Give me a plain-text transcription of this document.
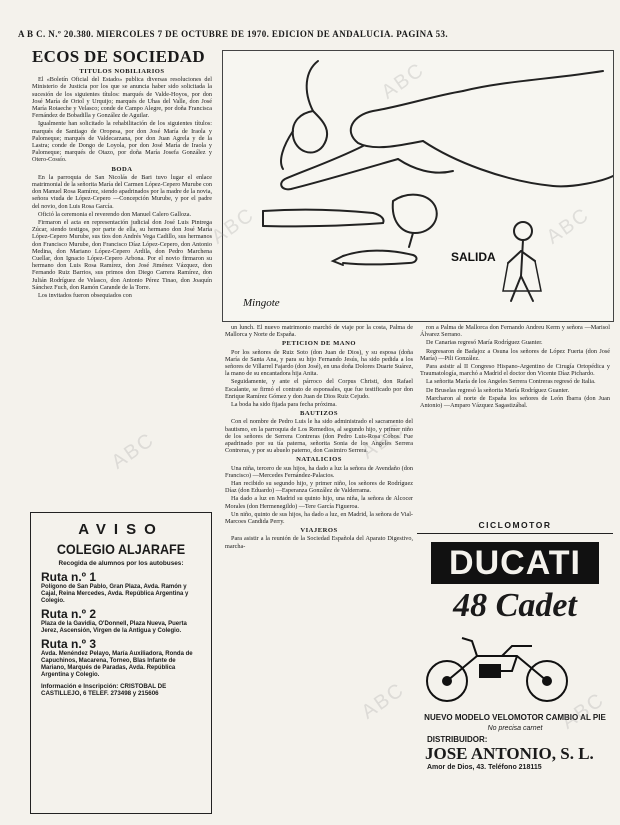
A B C. N.º 20.380. MIERCOLES 7 DE OCTUBRE DE 1970. EDICION DE ANDALUCIA. PAGINA 53.
ECOS DE SOCIEDAD

TITULOS NOBILIARIOS

El «Boletín Oficial del Estado» publica diversas resoluciones del Ministerio de Justicia por los que se anuncia haber sido solicitada la sucesión de los siguientes títulos: marqués de Valde-Hoyos, por don José María de Oriol y Urquijo; marqués de Uhas del Valle, don José María Rotaeche y Velasco; conde de Campo Alegre, por doña Francisca Fernández de Bobadilla y González de Aguilar.

Igualmente han solicitado la rehabilitación de los siguientes títulos: marqués de Santiago de Oropesa, por don José María de Iraola y Palomeque; marqués de Valdecarzana, por don Juan Agrela y de la Lastra; conde de Dongo de Loyola, por don José María de Iraola y Palomeque; marqués de Otazo, por doña María Josefa González y Otero-Cossío.

BODA

En la parroquia de San Nicolás de Bari tuvo lugar el enlace matrimonial de la señorita María del Carmen López-Cepero Murube con don Manuel Rosa Ramírez, siendo apadrinados por la madre de la novia, señora viuda de López-Cepero —Concepción Murube, y por el padre del novio, don Luis Rosa García.

Ofició la ceremonia el reverendo don Manuel Calero Galloza.

Firmaron el acta en representación judicial don José Luis Pintrega Zúcar, siendo testigos, por parte de ella, su hermano don José María López-Cepero Murube, sus tíos don Andrés Vega Cadillo, sus hermanos don Francisco Murube, don Francisco Díaz López-Cepero, don Antonio Medina, don Mariano López-Cepero Ardila, don Pedro Marchena Cuellar, don Ignacio López-Cepero Arbona. Por el novio firmaron su hermano don Luis Rosa Ramírez, don José Jiménez Vázquez, don Fernando Ruiz Barrios, sus primos don Diego Carrera Ramírez, don Julián Rodríguez de Velasco, don Antonio Pérez Tinao, don Joaquín Sánchez Fuch, don Ramón Carande de la Torre.

Los invitados fueron obsequiados con

SALIDA
Mingote

un lunch. El nuevo matrimonio marchó de viaje por la costa, Palma de Mallorca y Norte de España.

PETICION DE MANO

Por los señores de Ruiz Soto (don Juan de Dios), y su esposa (doña María de Santa Ana, y para su hijo Fernando Jesús, ha sido pedida a los señores de Villarrel Fajardo (don José), en una doña Dolores Duarte Suárez, la mano de su encantadora hija Anita.

Seguidamente, y ante el párroco del Corpus Christi, don Rafael Escalante, se firmó el contrato de esponsales, que fue testificado por don Enrique Ramírez Gómez y don Juan de Dios Ruiz Cejudo.

La boda ha sido fijada para fecha próxima.

BAUTIZOS

Con el nombre de Pedro Luis le ha sido administrado el sacramento del bautismo, en la parroquia de Los Remedios, al segundo hijo, y primer niño de los señores de Serrera Contreras (don Pedro Luis-Rosa Cobos. Fue apadrinado por su tía paterna, señorita Sonia de los Angeles Serrera Contreras, y por su abuelo paterno, don Casimiro Serrera.

NATALICIOS

Una niña, tercero de sus hijos, ha dado a luz la señora de Avendaño (don Francisco) —Mercedes Fernández-Palacios.

Han recibido su segundo hijo, y primer niño, los señores de Rodríguez Díaz (don Eduardo) —Esperanza González de Valderrama.

Ha dado a luz en Madrid su quinto hijo, una niña, la señora de Alcocer Morales (don Hermenegildo) —Tere García Figueroa.

Un niño, quinto de sus hijos, ha dado a luz, en Madrid, la señora de Vial-Marcoes Candida Perry.

VIAJEROS

Para asistir a la reunión de la Sociedad Española del Aparato Digestivo, marcha-

ron a Palma de Mallorca don Fernando Andreu Kerm y señora —Marisol Álvarez Serrano.

De Canarias regresó María Rodríguez Guanter.

Regresaron de Badajoz a Osuna los señores de López Fuerta (don José María) —Pili González.

Para asistir al II Congreso Hispano-Argentino de Cirugía Ortopédica y Traumatología, marchó a Madrid el doctor don Vicente Díaz Pichardo.

La señorita María de los Angeles Serrera Contreras regresó de Italia.

De Bruselas regresó la señorita María Rodríguez Guanter.

Marcharon al norte de España los señores de León Ibarra (don Juan Antonio) —Amparo Vázquez Sagastizábal.

AVISO
COLEGIO ALJARAFE
Recogida de alumnos por los autobuses:
Ruta n.º 1
Polígono de San Pablo, Gran Plaza, Avda. Ramón y Cajal, Reina Mercedes, Avda. República Argentina y Colegio.
Ruta n.º 2
Plaza de la Gavidia, O'Donnell, Plaza Nueva, Puerta Jerez, Ascensión, Virgen de la Antigua y Colegio.
Ruta n.º 3
Avda. Menéndez Pelayo, María Auxiliadora, Ronda de Capuchinos, Macarena, Torneo, Blas Infante de Mariano, Marqués de Paradas, Avda. República Argentina y Colegio.
Información e Inscripción: CRISTOBAL DE CASTILLEJO, 6 TELEF. 273498 y 215606
CICLOMOTOR
DUCATI
48 Cadet
NUEVO MODELO VELOMOTOR CAMBIO AL PIE
No precisa carnet
DISTRIBUIDOR:
JOSE ANTONIO, S. L.
Amor de Dios, 43. Teléfono 218115
ABC
ABC	ABC
ABC	ABC
ABC	ABC
